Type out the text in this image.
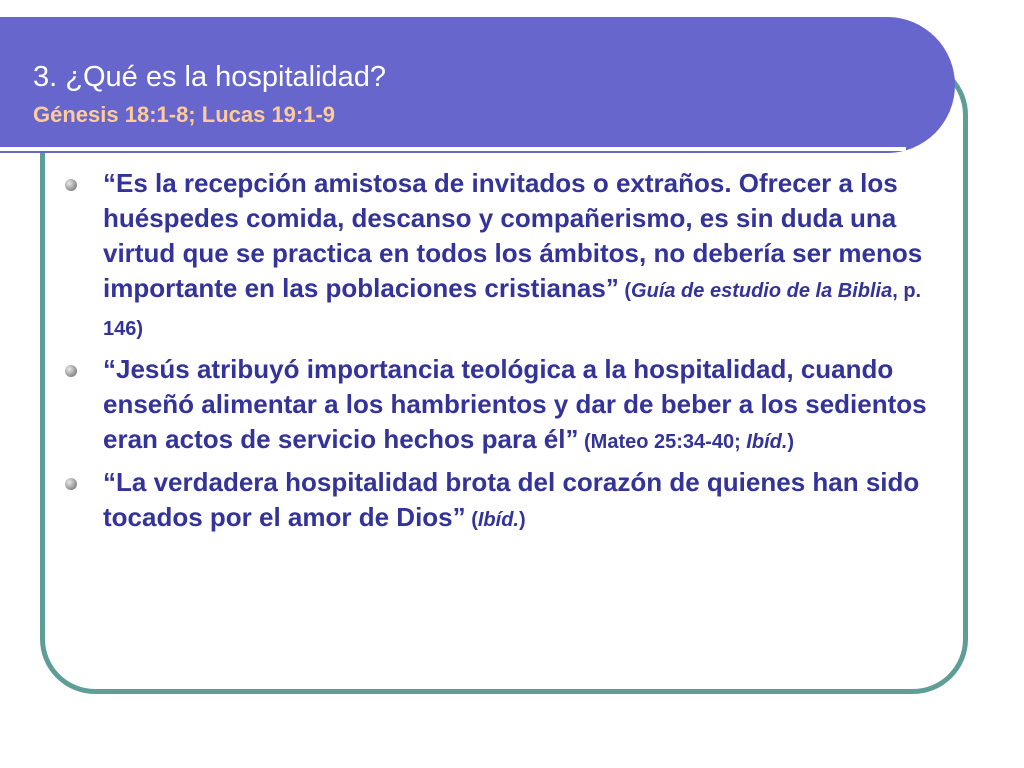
3. ¿Qué es la hospitalidad?

Génesis 18:1-8; Lucas 19:1-9

“Es la recepción amistosa de invitados o extraños. Ofrecer a los huéspedes comida, descanso y compañerismo, es sin duda una virtud que se practica en todos los ámbitos, no debería ser menos importante en las poblaciones cristianas” (Guía de estudio de la Biblia, p. 146)
“Jesús atribuyó importancia teológica a la hospitalidad, cuando enseñó alimentar a los hambrientos y dar de beber a los sedientos eran actos de servicio hechos para él” (Mateo 25:34-40; Ibíd.)
“La verdadera hospitalidad brota del corazón de quienes han sido tocados por el amor de Dios” (Ibíd.)
